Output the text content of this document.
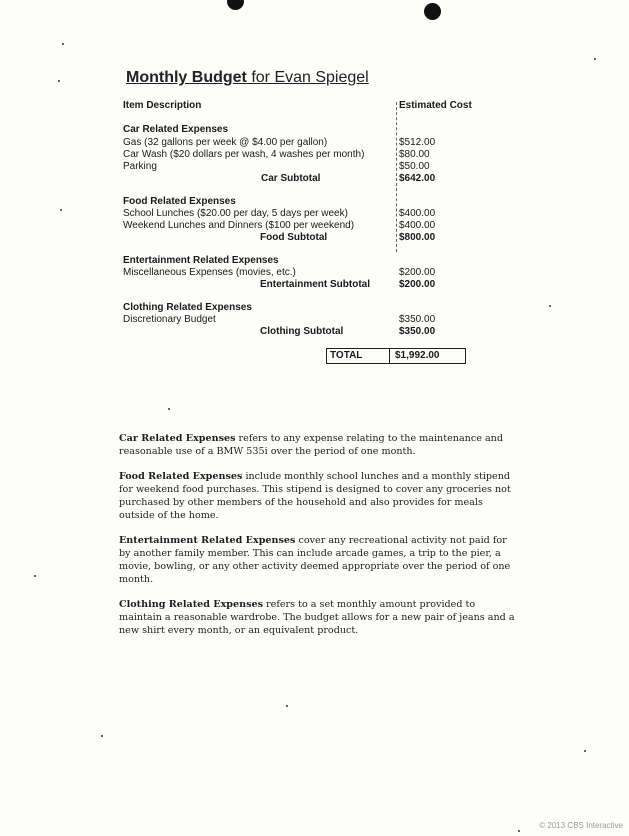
Monthly Budget for Evan Spiegel
Item Description	Estimated Cost
Car Related Expenses
Gas (32 gallons per week @ $4.00 per gallon)	$512.00
Car Wash ($20 dollars per wash, 4 washes per month)	$80.00
Parking	$50.00
Car Subtotal	$642.00
Food Related Expenses
School Lunches ($20.00 per day, 5 days per week)	$400.00
Weekend Lunches and Dinners ($100 per weekend)	$400.00
Food Subtotal	$800.00
Entertainment Related Expenses
Miscellaneous Expenses (movies, etc.)	$200.00
Entertainment Subtotal	$200.00
Clothing Related Expenses
Discretionary Budget	$350.00
Clothing Subtotal	$350.00
TOTAL	$1,992.00

Car Related Expenses refers to any expense relating to the maintenance and reasonable use of a BMW 535i over the period of one month.

Food Related Expenses include monthly school lunches and a monthly stipend for weekend food purchases. This stipend is designed to cover any groceries not purchased by other members of the household and also provides for meals outside of the home.

Entertainment Related Expenses cover any recreational activity not paid for by another family member. This can include arcade games, a trip to the pier, a movie, bowling, or any other activity deemed appropriate over the period of one month.

Clothing Related Expenses refers to a set monthly amount provided to maintain a reasonable wardrobe. The budget allows for a new pair of jeans and a new shirt every month, or an equivalent product.

© 2013 CBS Interactive
